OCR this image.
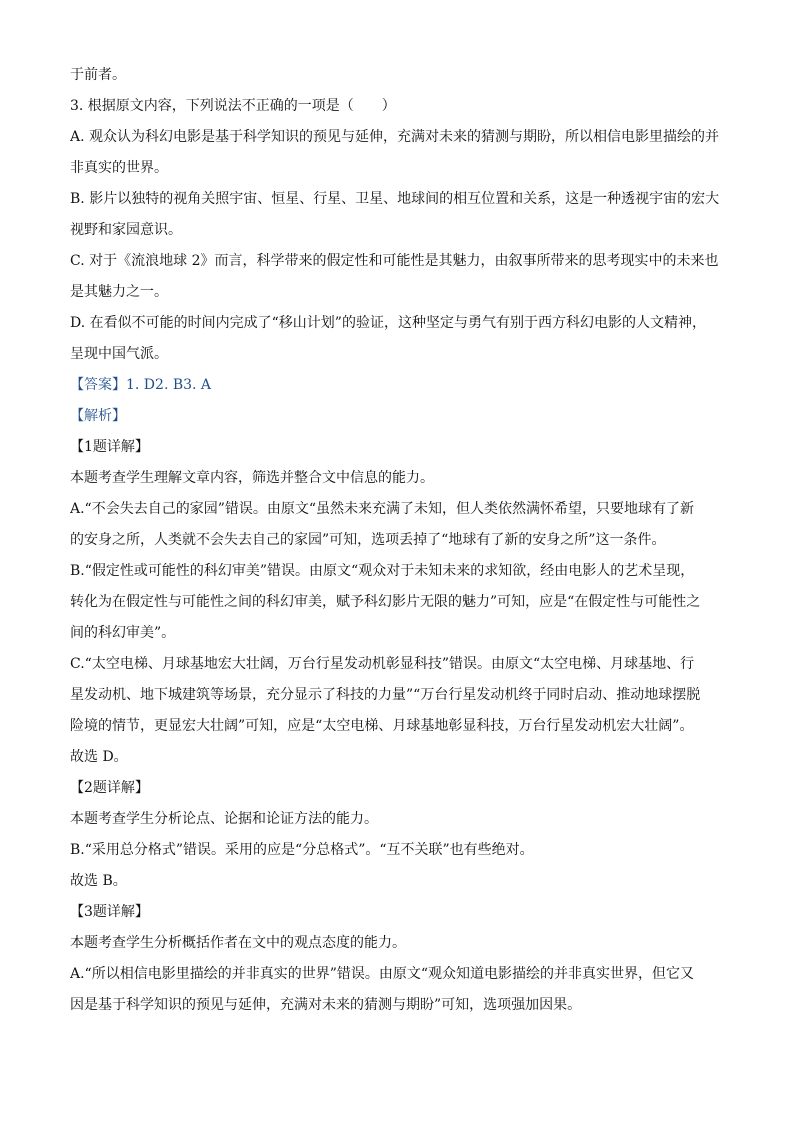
于前者。
3. 根据原文内容，下列说法不正确的一项是（　　）
A. 观众认为科幻电影是基于科学知识的预见与延伸，充满对未来的猜测与期盼，所以相信电影里描绘的并
非真实的世界。
B. 影片以独特的视角关照宇宙、恒星、行星、卫星、地球间的相互位置和关系，这是一种透视宇宙的宏大
视野和家园意识。
C. 对于《流浪地球 2》而言，科学带来的假定性和可能性是其魅力，由叙事所带来的思考现实中的未来也
是其魅力之一。
D. 在看似不可能的时间内完成了“移山计划”的验证，这种坚定与勇气有别于西方科幻电影的人文精神，
呈现中国气派。
【答案】1. D2. B3. A
【解析】
【1题详解】
本题考查学生理解文章内容，筛选并整合文中信息的能力。
A.“不会失去自己的家园”错误。由原文“虽然未来充满了未知，但人类依然满怀希望，只要地球有了新
的安身之所，人类就不会失去自己的家园”可知，选项丢掉了“地球有了新的安身之所”这一条件。
B.“假定性或可能性的科幻审美”错误。由原文“观众对于未知未来的求知欲，经由电影人的艺术呈现，
转化为在假定性与可能性之间的科幻审美，赋予科幻影片无限的魅力”可知，应是“在假定性与可能性之
间的科幻审美”。
C.“太空电梯、月球基地宏大壮阔，万台行星发动机彰显科技”错误。由原文“太空电梯、月球基地、行
星发动机、地下城建筑等场景，充分显示了科技的力量”“万台行星发动机终于同时启动、推动地球摆脱
险境的情节，更显宏大壮阔”可知，应是“太空电梯、月球基地彰显科技，万台行星发动机宏大壮阔”。
故选 D。
【2题详解】
本题考查学生分析论点、论据和论证方法的能力。
B.“采用总分格式”错误。采用的应是“分总格式”。“互不关联”也有些绝对。
故选 B。
【3题详解】
本题考查学生分析概括作者在文中的观点态度的能力。
A.“所以相信电影里描绘的并非真实的世界”错误。由原文“观众知道电影描绘的并非真实世界，但它又
因是基于科学知识的预见与延伸，充满对未来的猜测与期盼”可知，选项强加因果。
